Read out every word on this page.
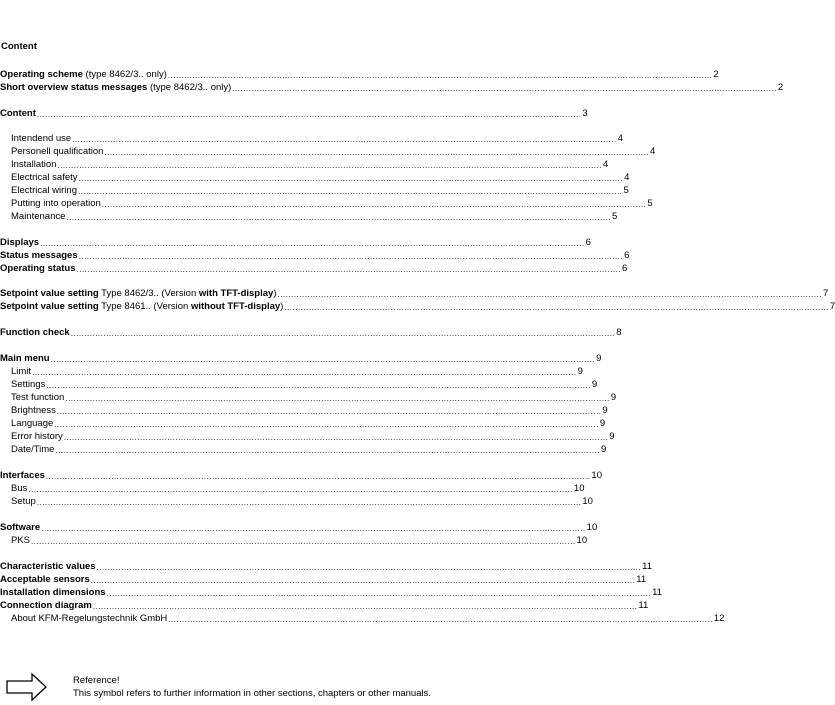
Content
Operating scheme (type 8462/3.. only) ........................................................................................................................................................................................................ 2
Short overview status messages (type 8462/3.. only) ........................................................................................................................................................................................................ 2
Content ........................................................................................................................................................................................................ 3
Intendend use ........................................................................................................................................................................................................ 4
Personell qualification ........................................................................................................................................................................................................ 4
Installation ........................................................................................................................................................................................................ 4
Electrical safety ........................................................................................................................................................................................................ 4
Electrical wiring ........................................................................................................................................................................................................ 5
Putting into operation ........................................................................................................................................................................................................ 5
Maintenance ........................................................................................................................................................................................................ 5
Displays ........................................................................................................................................................................................................ 6
Status messages ........................................................................................................................................................................................................ 6
Operating status ........................................................................................................................................................................................................ 6
Setpoint value setting Type 8462/3.. (Version with TFT-display) ........................................................................................................................................................................................................ 7
Setpoint value setting Type 8461.. (Version without TFT-display) ........................................................................................................................................................................................................ 7
Function check ........................................................................................................................................................................................................ 8
Main menu ........................................................................................................................................................................................................ 9
Limit ........................................................................................................................................................................................................ 9
Settings ........................................................................................................................................................................................................ 9
Test function ........................................................................................................................................................................................................ 9
Brightness ........................................................................................................................................................................................................ 9
Language ........................................................................................................................................................................................................ 9
Error history ........................................................................................................................................................................................................ 9
Date/Time ........................................................................................................................................................................................................ 9
Interfaces ........................................................................................................................................................................................................ 10
Bus ........................................................................................................................................................................................................ 10
Setup ........................................................................................................................................................................................................ 10
Software ........................................................................................................................................................................................................ 10
PKS ........................................................................................................................................................................................................ 10
Characteristic values ........................................................................................................................................................................................................ 11
Acceptable sensors ........................................................................................................................................................................................................ 11
Installation dimensions ........................................................................................................................................................................................................ 11
Connection diagram ........................................................................................................................................................................................................ 11
About KFM-Regelungstechnik GmbH ........................................................................................................................................................................................................ 12
Reference!
This symbol refers to further information in other sections, chapters or other manuals.
